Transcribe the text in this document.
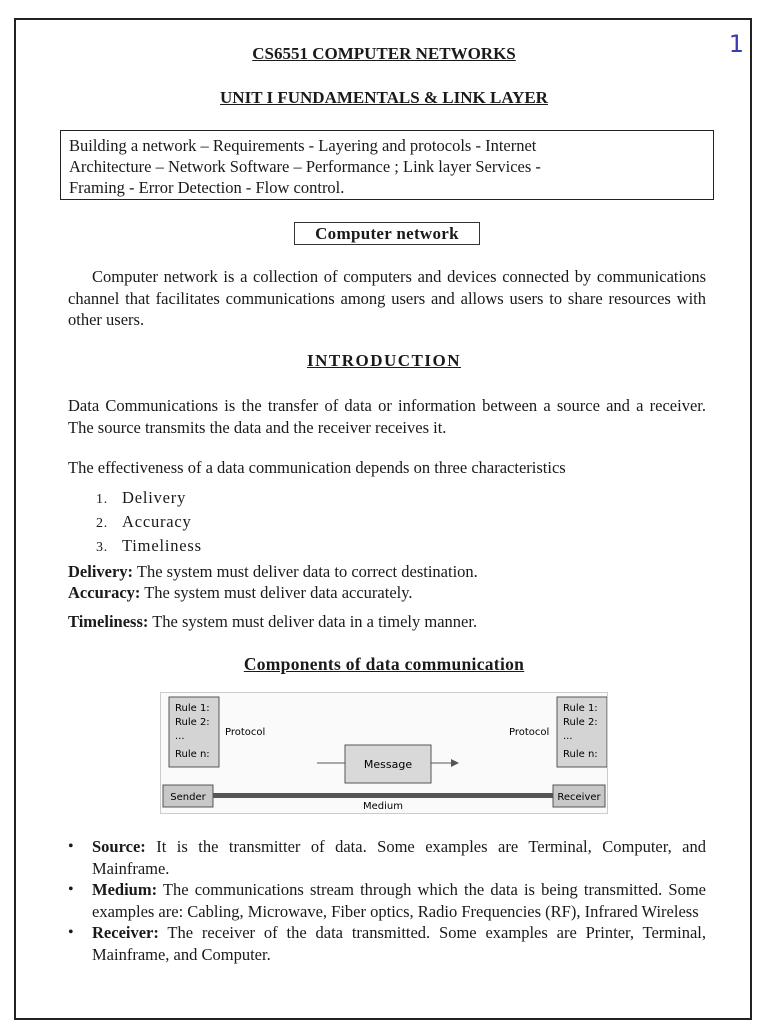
1
CS6551 COMPUTER NETWORKS
UNIT I FUNDAMENTALS & LINK LAYER
Building a network – Requirements - Layering and protocols - Internet
Architecture – Network Software – Performance ; Link layer Services -
Framing - Error Detection - Flow control.
Computer network
Computer network is a collection of computers and devices connected by communications channel that facilitates communications among users and allows users to share resources with other users.
INTRODUCTION
Data Communications is the transfer of data or information between a source and a receiver. The source transmits the data and the receiver receives it.
The effectiveness of a data communication depends on three characteristics
1. Delivery
2. Accuracy
3. Timeliness
Delivery: The system must deliver data to correct destination.
Accuracy: The system must deliver data accurately.
Timeliness: The system must deliver data in a timely manner.
Components of data communication
Rule 1:
Rule 2:
...
Rule n:
Protocol
Rule 1:
Rule 2:
...
Rule n:
Protocol
Message
Sender	Receiver
Medium
• Source: It is the transmitter of data. Some examples are Terminal, Computer, and Mainframe.
• Medium: The communications stream through which the data is being transmitted. Some examples are: Cabling, Microwave, Fiber optics, Radio Frequencies (RF), Infrared Wireless
• Receiver: The receiver of the data transmitted. Some examples are Printer, Terminal, Mainframe, and Computer.
